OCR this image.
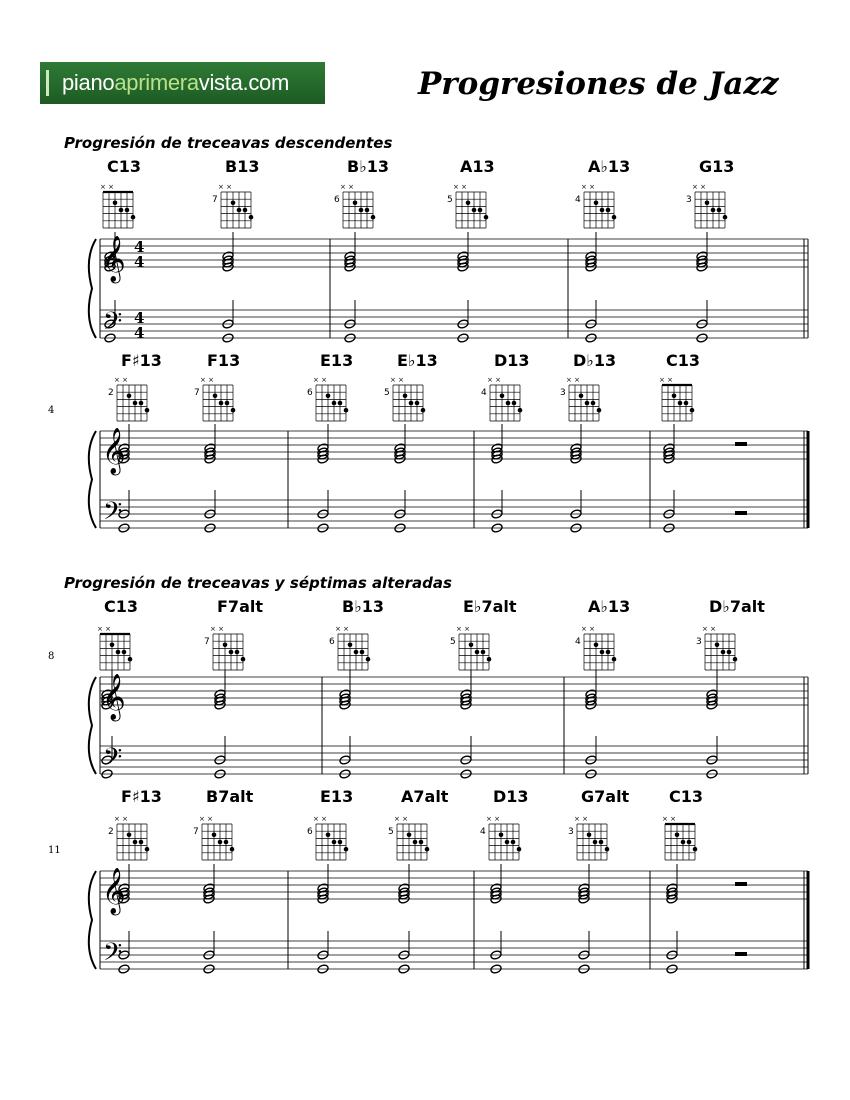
pianoaprimeravista.com	Progresiones de Jazz
Progresión de treceavas descendentes
Progresión de treceavas y séptimas alteradas
𝄞
𝄢
4
4
4
4
C13
× ×
B13
7
× ×
B♭13
6
× ×
A13
5
× ×
A♭13
4
× ×
G13
3
× ×
𝄞
𝄢
4
F♯13
2
× ×
F13
7
× ×
E13
6
× ×
E♭13
5
× ×
D13
4
× ×
D♭13
3
× ×
C13
× ×
𝄞
𝄢
8
C13
× ×
F7alt
7
× ×
B♭13
6
× ×
E♭7alt
5
× ×
A♭13
4
× ×
D♭7alt
3
× ×
𝄞
𝄢
11
F♯13
2
× ×
B7alt
7
× ×
E13
6
× ×
A7alt
5
× ×
D13
4
× ×
G7alt
3
× ×
C13
× ×
